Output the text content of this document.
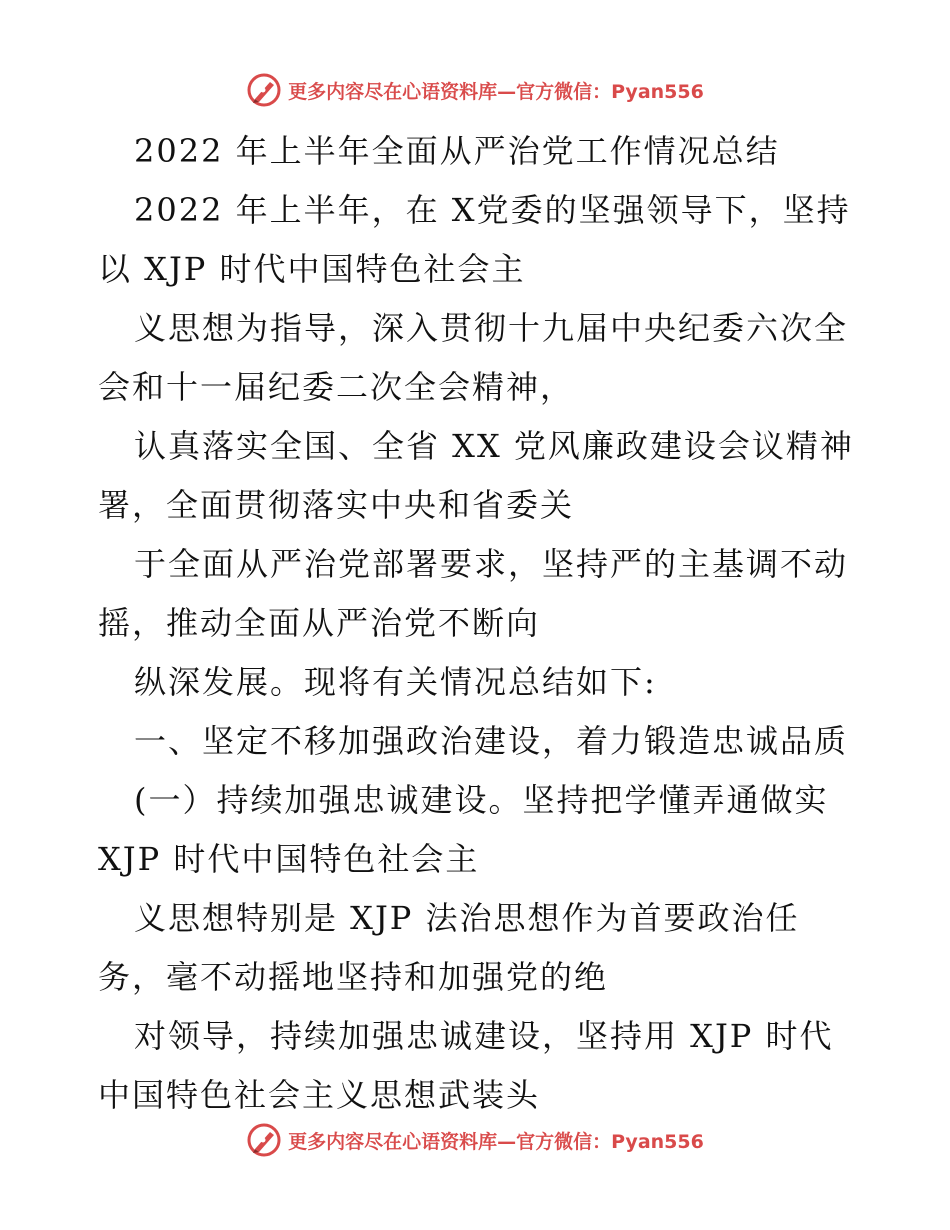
更多内容尽在心语资料库—官方微信：Pyan556
2022 年上半年全面从严治党工作情况总结
2022 年上半年，在 X党委的坚强领导下，坚持
以 XJP 时代中国特色社会主
义思想为指导，深入贯彻十九届中央纪委六次全
会和十一届纪委二次全会精神，
认真落实全国、全省 XX 党风廉政建设会议精神
署，全面贯彻落实中央和省委关
于全面从严治党部署要求，坚持严的主基调不动
摇，推动全面从严治党不断向
纵深发展。现将有关情况总结如下:
一、坚定不移加强政治建设，着力锻造忠诚品质
(一）持续加强忠诚建设。坚持把学懂弄通做实
XJP 时代中国特色社会主
义思想特别是 XJP 法治思想作为首要政治任
务，毫不动摇地坚持和加强党的绝
对领导，持续加强忠诚建设，坚持用 XJP 时代
中国特色社会主义思想武装头
更多内容尽在心语资料库—官方微信：Pyan556
